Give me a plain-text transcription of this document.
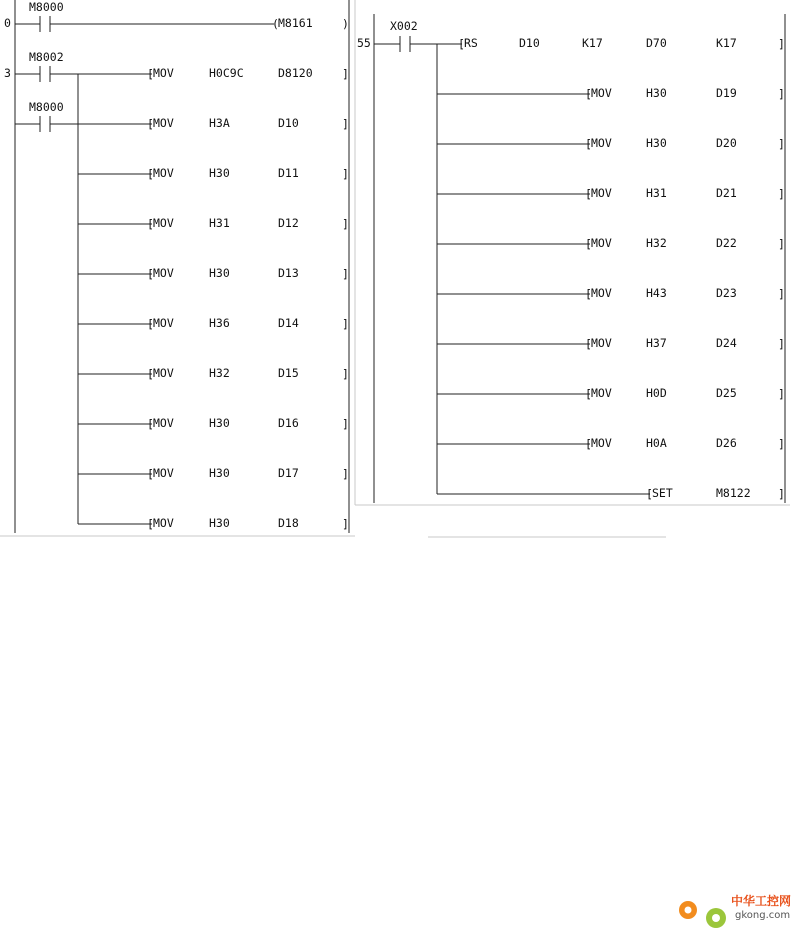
0
M8000
( M8161	)
3
M8002
M8000
[ MOV	H0C9C	D8120	]
[ MOV	H3A	D10	]
[ MOV	H30	D11	]
[ MOV	H31	D12	]
[ MOV	H30	D13	]
[ MOV	H36	D14	]
[ MOV	H32	D15	]
[ MOV	H30	D16	]
[ MOV	H30	D17	]
[ MOV	H30	D18	]
55
X002
[ RS	D10	K17	D70	K17	]
[ MOV	H30	D19	]
[ MOV	H30	D20	]
[ MOV	H31	D21	]
[ MOV	H32	D22	]
[ MOV	H43	D23	]
[ MOV	H37	D24	]
[ MOV	H0D	D25	]
[ MOV	H0A	D26	]
[ SET	M8122 ]
中华工控网
gkong.com
